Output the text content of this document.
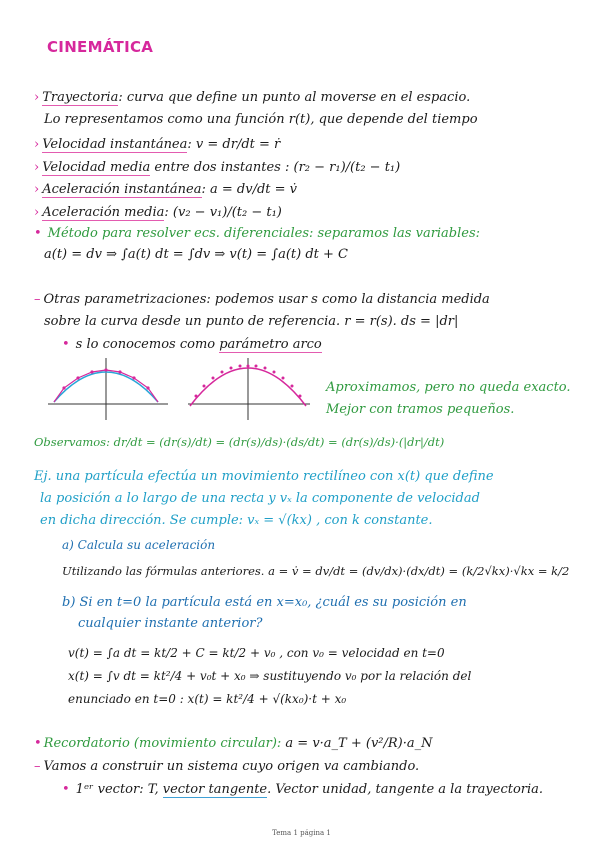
CINEMÁTICA
› Trayectoria: curva que define un punto al moverse en el espacio.
Lo representamos como una función r(t), que depende del tiempo
› Velocidad instantánea: v = dr/dt = ṙ
› Velocidad media entre dos instantes : (r₂ − r₁)/(t₂ − t₁)
› Aceleración instantánea: a = dv/dt = v̇
› Aceleración media: (v₂ − v₁)/(t₂ − t₁)
• Método para resolver ecs. diferenciales: separamos las variables:
a(t) = dv ⇒ ∫a(t) dt = ∫dv ⇒ v(t) = ∫a(t) dt + C
– Otras parametrizaciones: podemos usar s como la distancia medida
sobre la curva desde un punto de referencia. r = r(s). ds = |dr|
• s lo conocemos como parámetro arco
Aproximamos, pero no queda exacto.
Mejor con tramos pequeños.
Observamos: dr/dt = (dr(s)/dt) = (dr(s)/ds)·(ds/dt) = (dr(s)/ds)·(|dr|/dt)
Ej. una partícula efectúa un movimiento rectilíneo con x(t) que define
la posición a lo largo de una recta y vₓ la componente de velocidad
en dicha dirección. Se cumple: vₓ = √(kx) , con k constante.
a) Calcula su aceleración
Utilizando las fórmulas anteriores. a = v̇ = dv/dt = (dv/dx)·(dx/dt) = (k/2√kx)·√kx = k/2
b) Si en t=0 la partícula está en x=x₀, ¿cuál es su posición en
cualquier instante anterior?
v(t) = ∫a dt = kt/2 + C = kt/2 + v₀ , con v₀ = velocidad en t=0
x(t) = ∫v dt = kt²/4 + v₀t + x₀ ⇒ sustituyendo v₀ por la relación del
enunciado en t=0 : x(t) = kt²/4 + √(kx₀)·t + x₀
• Recordatorio (movimiento circular): a = v·a_T + (v²/R)·a_N
– Vamos a construir un sistema cuyo origen va cambiando.
• 1ᵉʳ vector: T, vector tangente. Vector unidad, tangente a la trayectoria.
Tema 1 página 1
